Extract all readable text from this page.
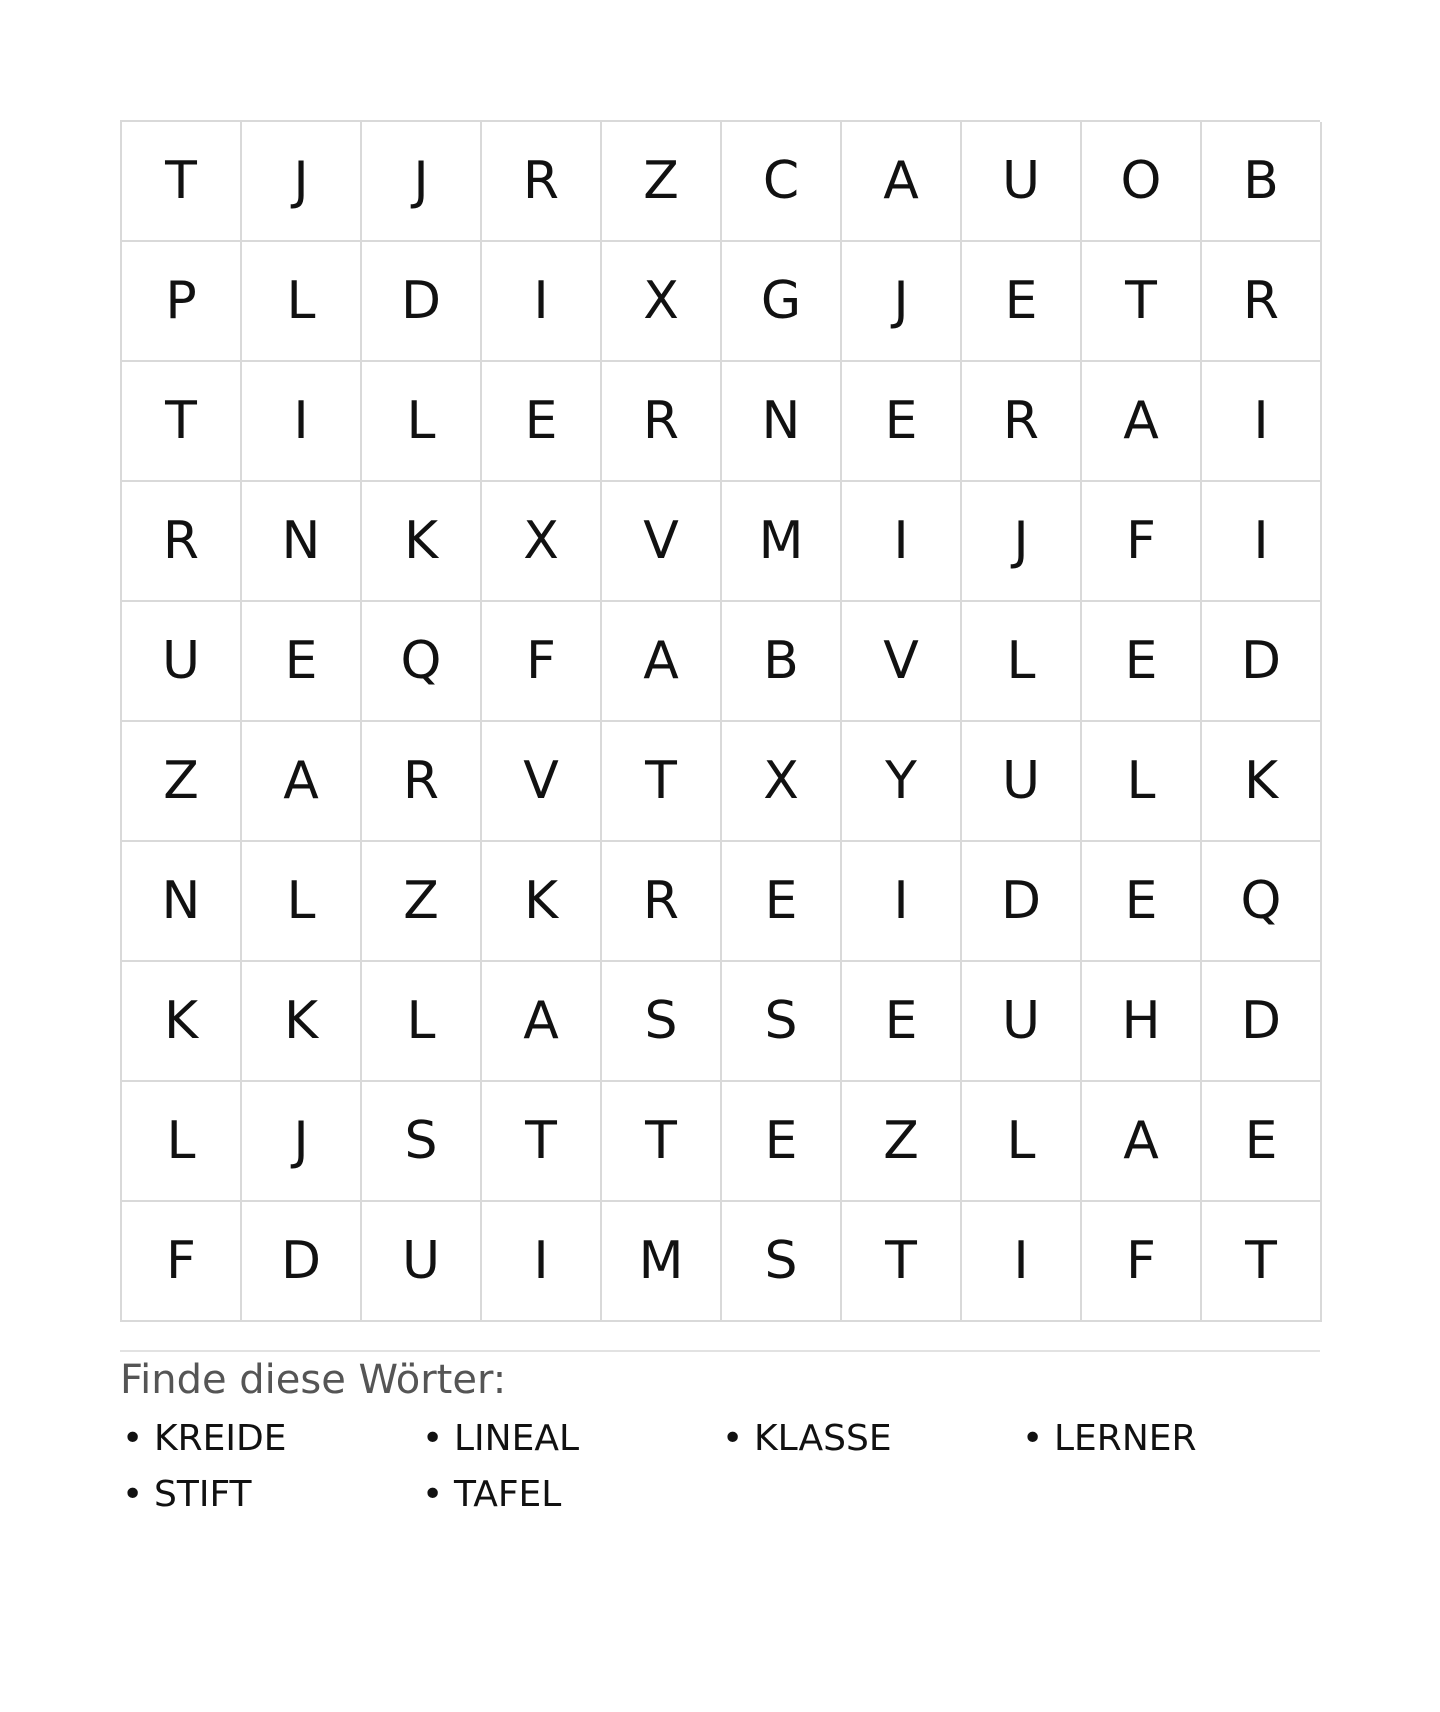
T	J	J	R	Z	C	A	U	O	B
P	L	D	I	X	G	J	E	T	R
T	I	L	E	R	N	E	R	A	I
R	N	K	X	V	M	I	J	F	I
U	E	Q	F	A	B	V	L	E	D
Z	A	R	V	T	X	Y	U	L	K
N	L	Z	K	R	E	I	D	E	Q
K	K	L	A	S	S	E	U	H	D
L	J	S	T	T	E	Z	L	A	E
F	D	U	I	M	S	T	I	F	T
Finde diese Wörter:
• KREIDE	• LINEAL	• KLASSE	• LERNER
• STIFT	• TAFEL
